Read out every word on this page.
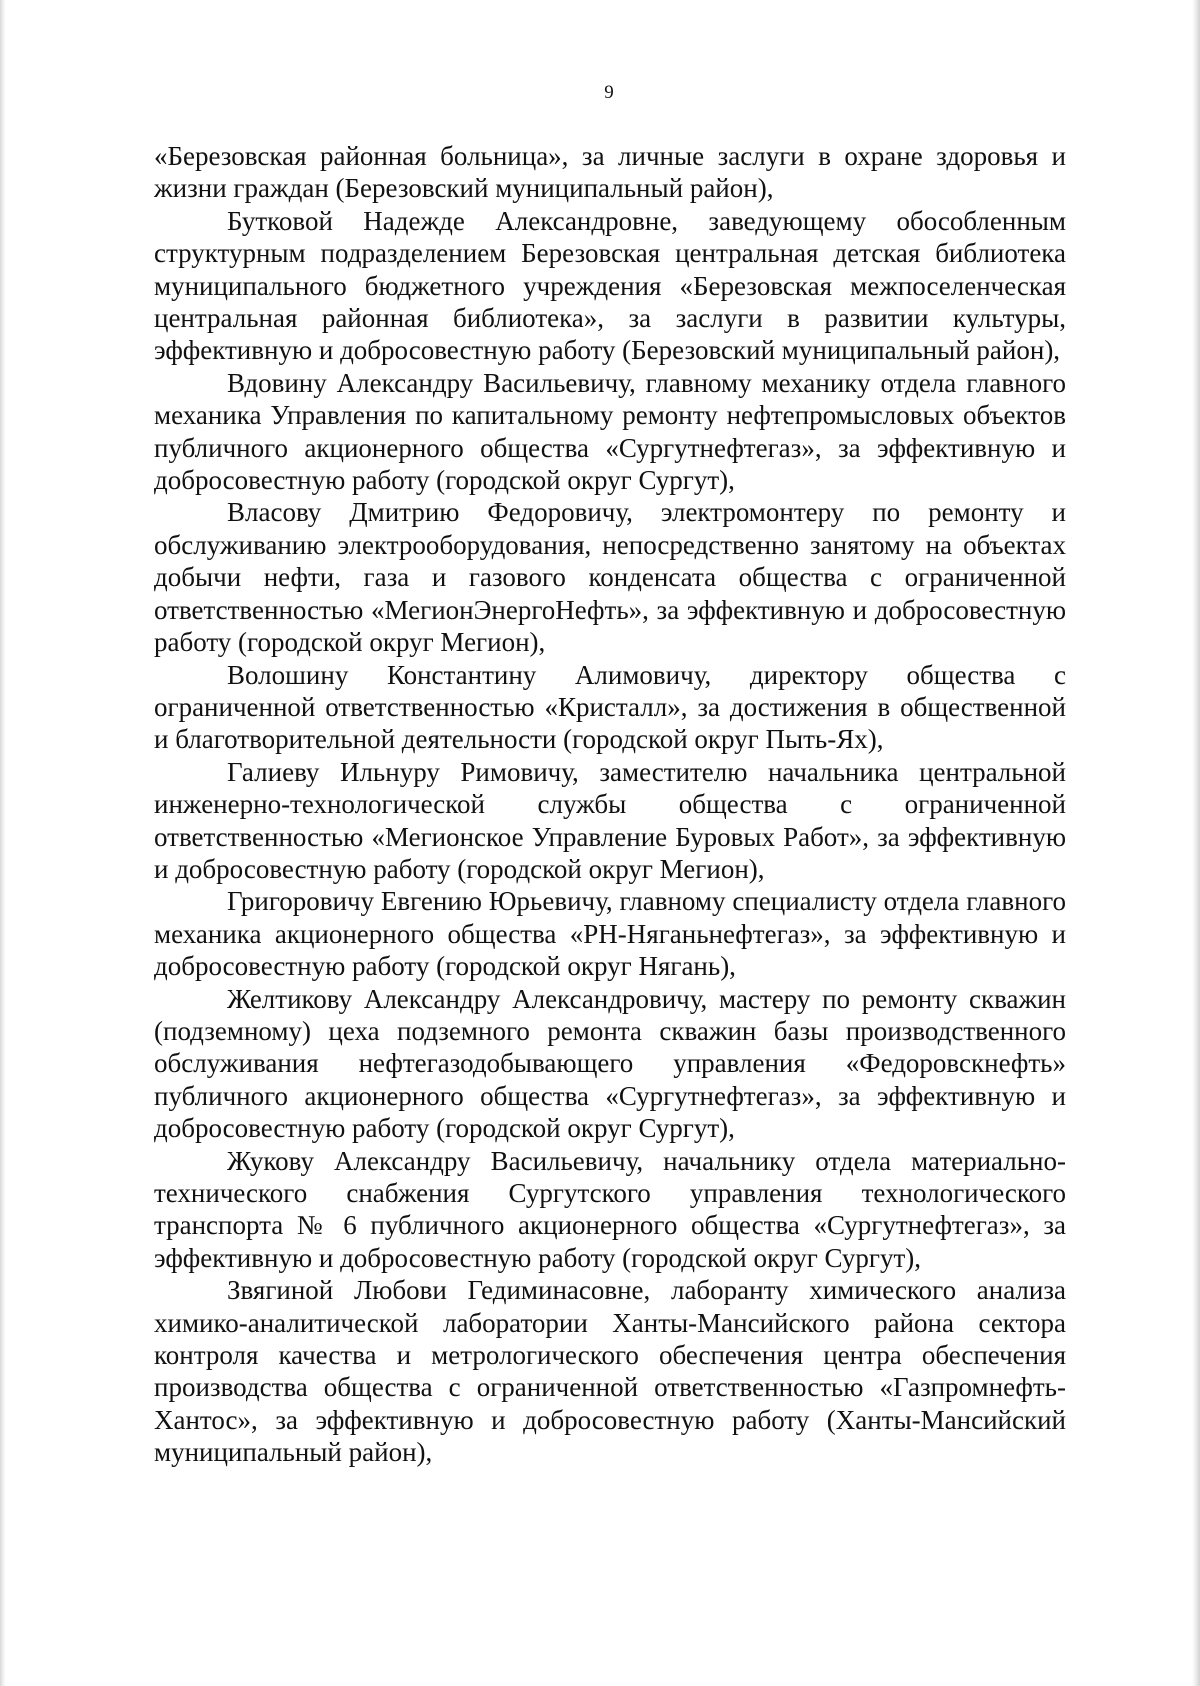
9

«Березовская районная больница», за личные заслуги в охране здоровья и жизни граждан (Березовский муниципальный район),

Бутковой Надежде Александровне, заведующему обособленным структурным подразделением Березовская центральная детская библиотека муниципального бюджетного учреждения «Березовская межпоселенческая центральная районная библиотека», за заслуги в развитии культуры, эффективную и добросовестную работу (Березовский муниципальный район),

Вдовину Александру Васильевичу, главному механику отдела главного механика Управления по капитальному ремонту нефтепромысловых объектов публичного акционерного общества «Сургутнефтегаз», за эффективную и добросовестную работу (городской округ Сургут),

Власову Дмитрию Федоровичу, электромонтеру по ремонту и обслуживанию электрооборудования, непосредственно занятому на объектах добычи нефти, газа и газового конденсата общества с ограниченной ответственностью «МегионЭнергоНефть», за эффективную и добросовестную работу (городской округ Мегион),

Волошину Константину Алимовичу, директору общества с ограниченной ответственностью «Кристалл», за достижения в общественной и благотворительной деятельности (городской округ Пыть-Ях),

Галиеву Ильнуру Римовичу, заместителю начальника центральной инженерно-технологической службы общества с ограниченной ответственностью «Мегионское Управление Буровых Работ», за эффективную и добросовестную работу (городской округ Мегион),

Григоровичу Евгению Юрьевичу, главному специалисту отдела главного механика акционерного общества «РН-Няганьнефтегаз», за эффективную и добросовестную работу (городской округ Нягань),

Желтикову Александру Александровичу, мастеру по ремонту скважин (подземному) цеха подземного ремонта скважин базы производственного обслуживания нефтегазодобывающего управления «Федоровскнефть» публичного акционерного общества «Сургутнефтегаз», за эффективную и добросовестную работу (городской округ Сургут),

Жукову Александру Васильевичу, начальнику отдела материально-технического снабжения Сургутского управления технологического транспорта № 6 публичного акционерного общества «Сургутнефтегаз», за эффективную и добросовестную работу (городской округ Сургут),

Звягиной Любови Гедиминасовне, лаборанту химического анализа химико-аналитической лаборатории Ханты-Мансийского района сектора контроля качества и метрологического обеспечения центра обеспечения производства общества с ограниченной ответственностью «Газпромнефть-Хантос», за эффективную и добросовестную работу (Ханты-Мансийский муниципальный район),
